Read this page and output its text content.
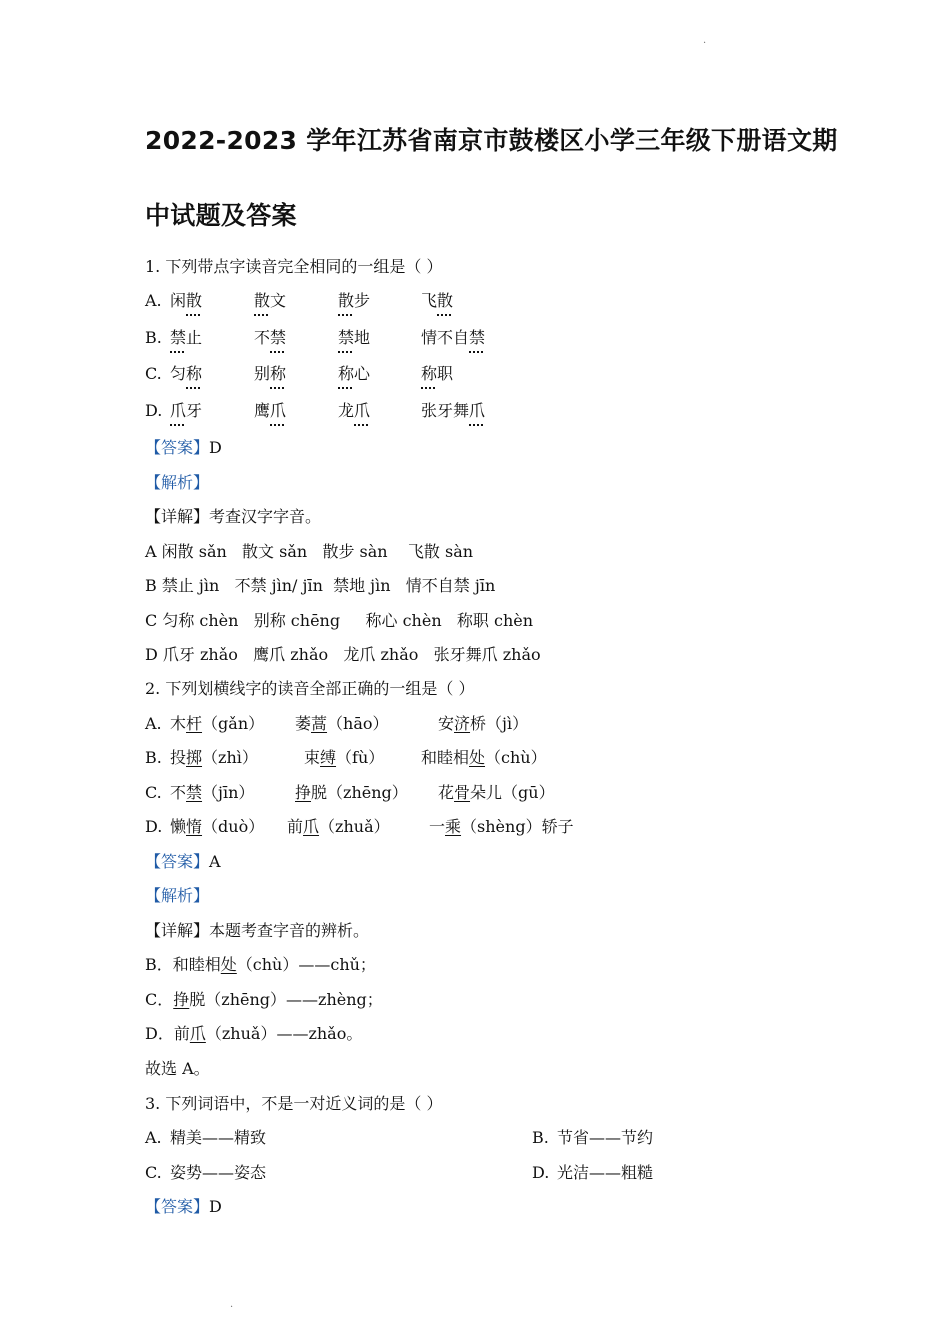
·
2022-2023 学年江苏省南京市鼓楼区小学三年级下册语文期
中试题及答案
1. 下列带点字读音完全相同的一组是（ ）
A. 闲散	散文	散步	飞散
B. 禁止	不禁	禁地	情不自禁
C. 匀称	别称	称心	称职
D. 爪牙	鹰爪	龙爪	张牙舞爪
【答案】D
【解析】
【详解】考查汉字字音。
A 闲散 sǎn   散文 sǎn   散步 sàn    飞散 sàn
B 禁止 jìn   不禁 jìn/ jīn  禁地 jìn   情不自禁 jīn
C 匀称 chèn   别称 chēng     称心 chèn   称职 chèn
D 爪牙 zhǎo   鹰爪 zhǎo   龙爪 zhǎo   张牙舞爪 zhǎo
2. 下列划横线字的读音全部正确的一组是（ ）
A. 木杆（gǎn） 萎蒿（hāo）	安济桥（jì）
B. 投掷（zhì）	束缚（fù） 和睦相处（chù）
C. 不禁（jīn）	挣脱（zhēng） 花骨朵儿（gū）
D. 懒惰（duò） 前爪（zhuǎ） 一乘（shèng）轿子
【答案】A
【解析】
【详解】本题考查字音的辨析。
B．和睦相处（chù）——chǔ；
C．挣脱（zhēng）——zhèng；
D．前爪（zhuǎ）——zhǎo。
故选 A。
3. 下列词语中，不是一对近义词的是（ ）
A. 精美——精致	B. 节省——节约
C. 姿势——姿态	D. 光洁——粗糙
【答案】D
·
